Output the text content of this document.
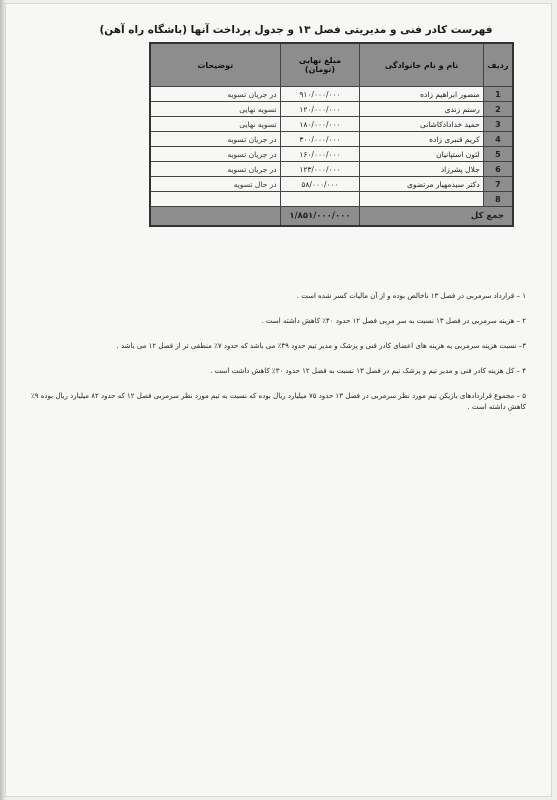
فهرست کادر فنی و مدیریتی فصل ۱۳ و جدول پرداخت آنها (باشگاه راه آهن)
ردیف	نام و نام خانوادگی	مبلغ نهایی (تومان)	توضیحات
1	منصور ابراهیم زاده	۹۱۰/۰۰۰/۰۰۰	در جریان تسویه
2	رستم زندی	۱۲۰/۰۰۰/۰۰۰	تسویه نهایی
3	حمید خدادادکاشانی	۱۸۰/۰۰۰/۰۰۰	تسویه نهایی
4	کریم قنبری زاده	۳۰۰/۰۰۰/۰۰۰	در جریان تسویه
5	لئون استپانیان	۱۶۰/۰۰۰/۰۰۰	در جریان تسویه
6	جلال پشرزاد	۱۲۳/۰۰۰/۰۰۰	در جریان تسویه
7	دکتر سیدمهیار مرتضوی	۵۸/۰۰۰/۰۰۰	در حال تسویه
8			
جمع کل		۱/۸۵۱/۰۰۰/۰۰۰	

۱ – قرارداد سرمربی در فصل ۱۳ ناخالص بوده و از آن مالیات کسر شده است .

۲ – هزینه سرمربی در فصل ۱۳ نسبت به سر مربی فصل ۱۲ حدود ۴۰٪ کاهش داشته است .

۳– نسبت هزینه سرمربی به هزینه های اعضای کادر فنی و پزشک و مدیر تیم حدود ۴۹٪ می باشد که حدود ۷٪ منطقی تر از فصل ۱۲ می باشد .

۴ – کل هزینه کادر فنی و مدیر تیم و پزشک تیم در فصل ۱۳ نسبت به فصل ۱۲ حدود ۳۰٪ کاهش داشت است .

۵ – مجموع قراردادهای بازیکن تیم مورد نظر سرمربی در فصل ۱۳ حدود ۷۵ میلیارد ریال بوده که نسبت به تیم مورد نظر سرمربی فصل ۱۲ که حدود ۸۲ میلیارد ریال بوده ۹٪ کاهش داشته است .
